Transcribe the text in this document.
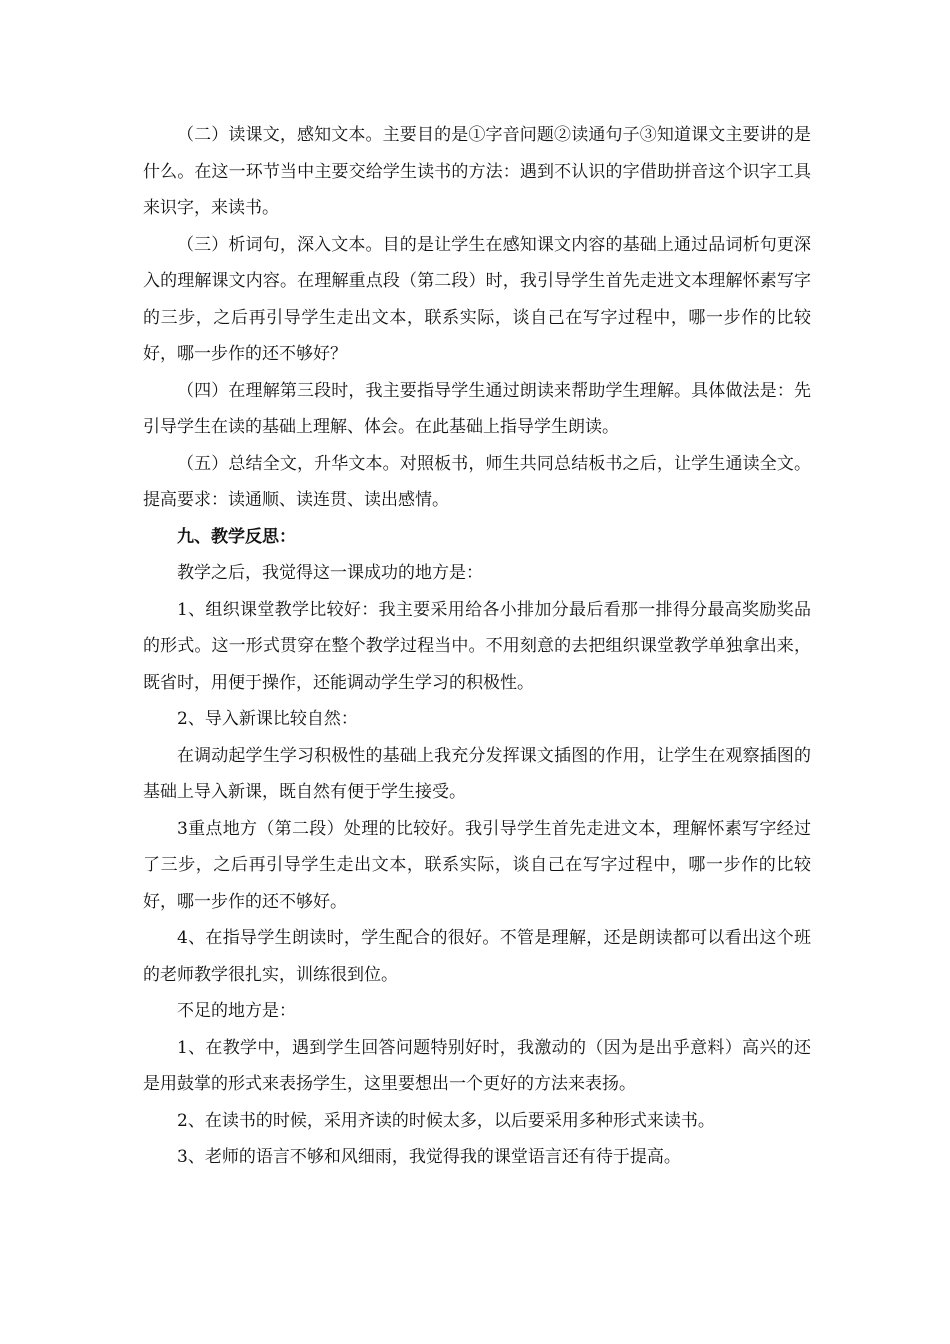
（二）读课文，感知文本。主要目的是①字音问题②读通句子③知道课文主要讲的是什么。在这一环节当中主要交给学生读书的方法：遇到不认识的字借助拼音这个识字工具来识字，来读书。

（三）析词句，深入文本。目的是让学生在感知课文内容的基础上通过品词析句更深入的理解课文内容。在理解重点段（第二段）时，我引导学生首先走进文本理解怀素写字的三步，之后再引导学生走出文本，联系实际，谈自己在写字过程中，哪一步作的比较好，哪一步作的还不够好？

（四）在理解第三段时，我主要指导学生通过朗读来帮助学生理解。具体做法是：先引导学生在读的基础上理解、体会。在此基础上指导学生朗读。

（五）总结全文，升华文本。对照板书，师生共同总结板书之后，让学生通读全文。提高要求：读通顺、读连贯、读出感情。

九、教学反思：

教学之后，我觉得这一课成功的地方是：

1、组织课堂教学比较好：我主要采用给各小排加分最后看那一排得分最高奖励奖品的形式。这一形式贯穿在整个教学过程当中。不用刻意的去把组织课堂教学单独拿出来，既省时，用便于操作，还能调动学生学习的积极性。

2、导入新课比较自然：

在调动起学生学习积极性的基础上我充分发挥课文插图的作用，让学生在观察插图的基础上导入新课，既自然有便于学生接受。

3重点地方（第二段）处理的比较好。我引导学生首先走进文本，理解怀素写字经过了三步，之后再引导学生走出文本，联系实际，谈自己在写字过程中，哪一步作的比较好，哪一步作的还不够好。

4、在指导学生朗读时，学生配合的很好。不管是理解，还是朗读都可以看出这个班的老师教学很扎实，训练很到位。

不足的地方是：

1、在教学中，遇到学生回答问题特别好时，我激动的（因为是出乎意料）高兴的还是用鼓掌的形式来表扬学生，这里要想出一个更好的方法来表扬。

2、在读书的时候，采用齐读的时候太多，以后要采用多种形式来读书。

3、老师的语言不够和风细雨，我觉得我的课堂语言还有待于提高。
